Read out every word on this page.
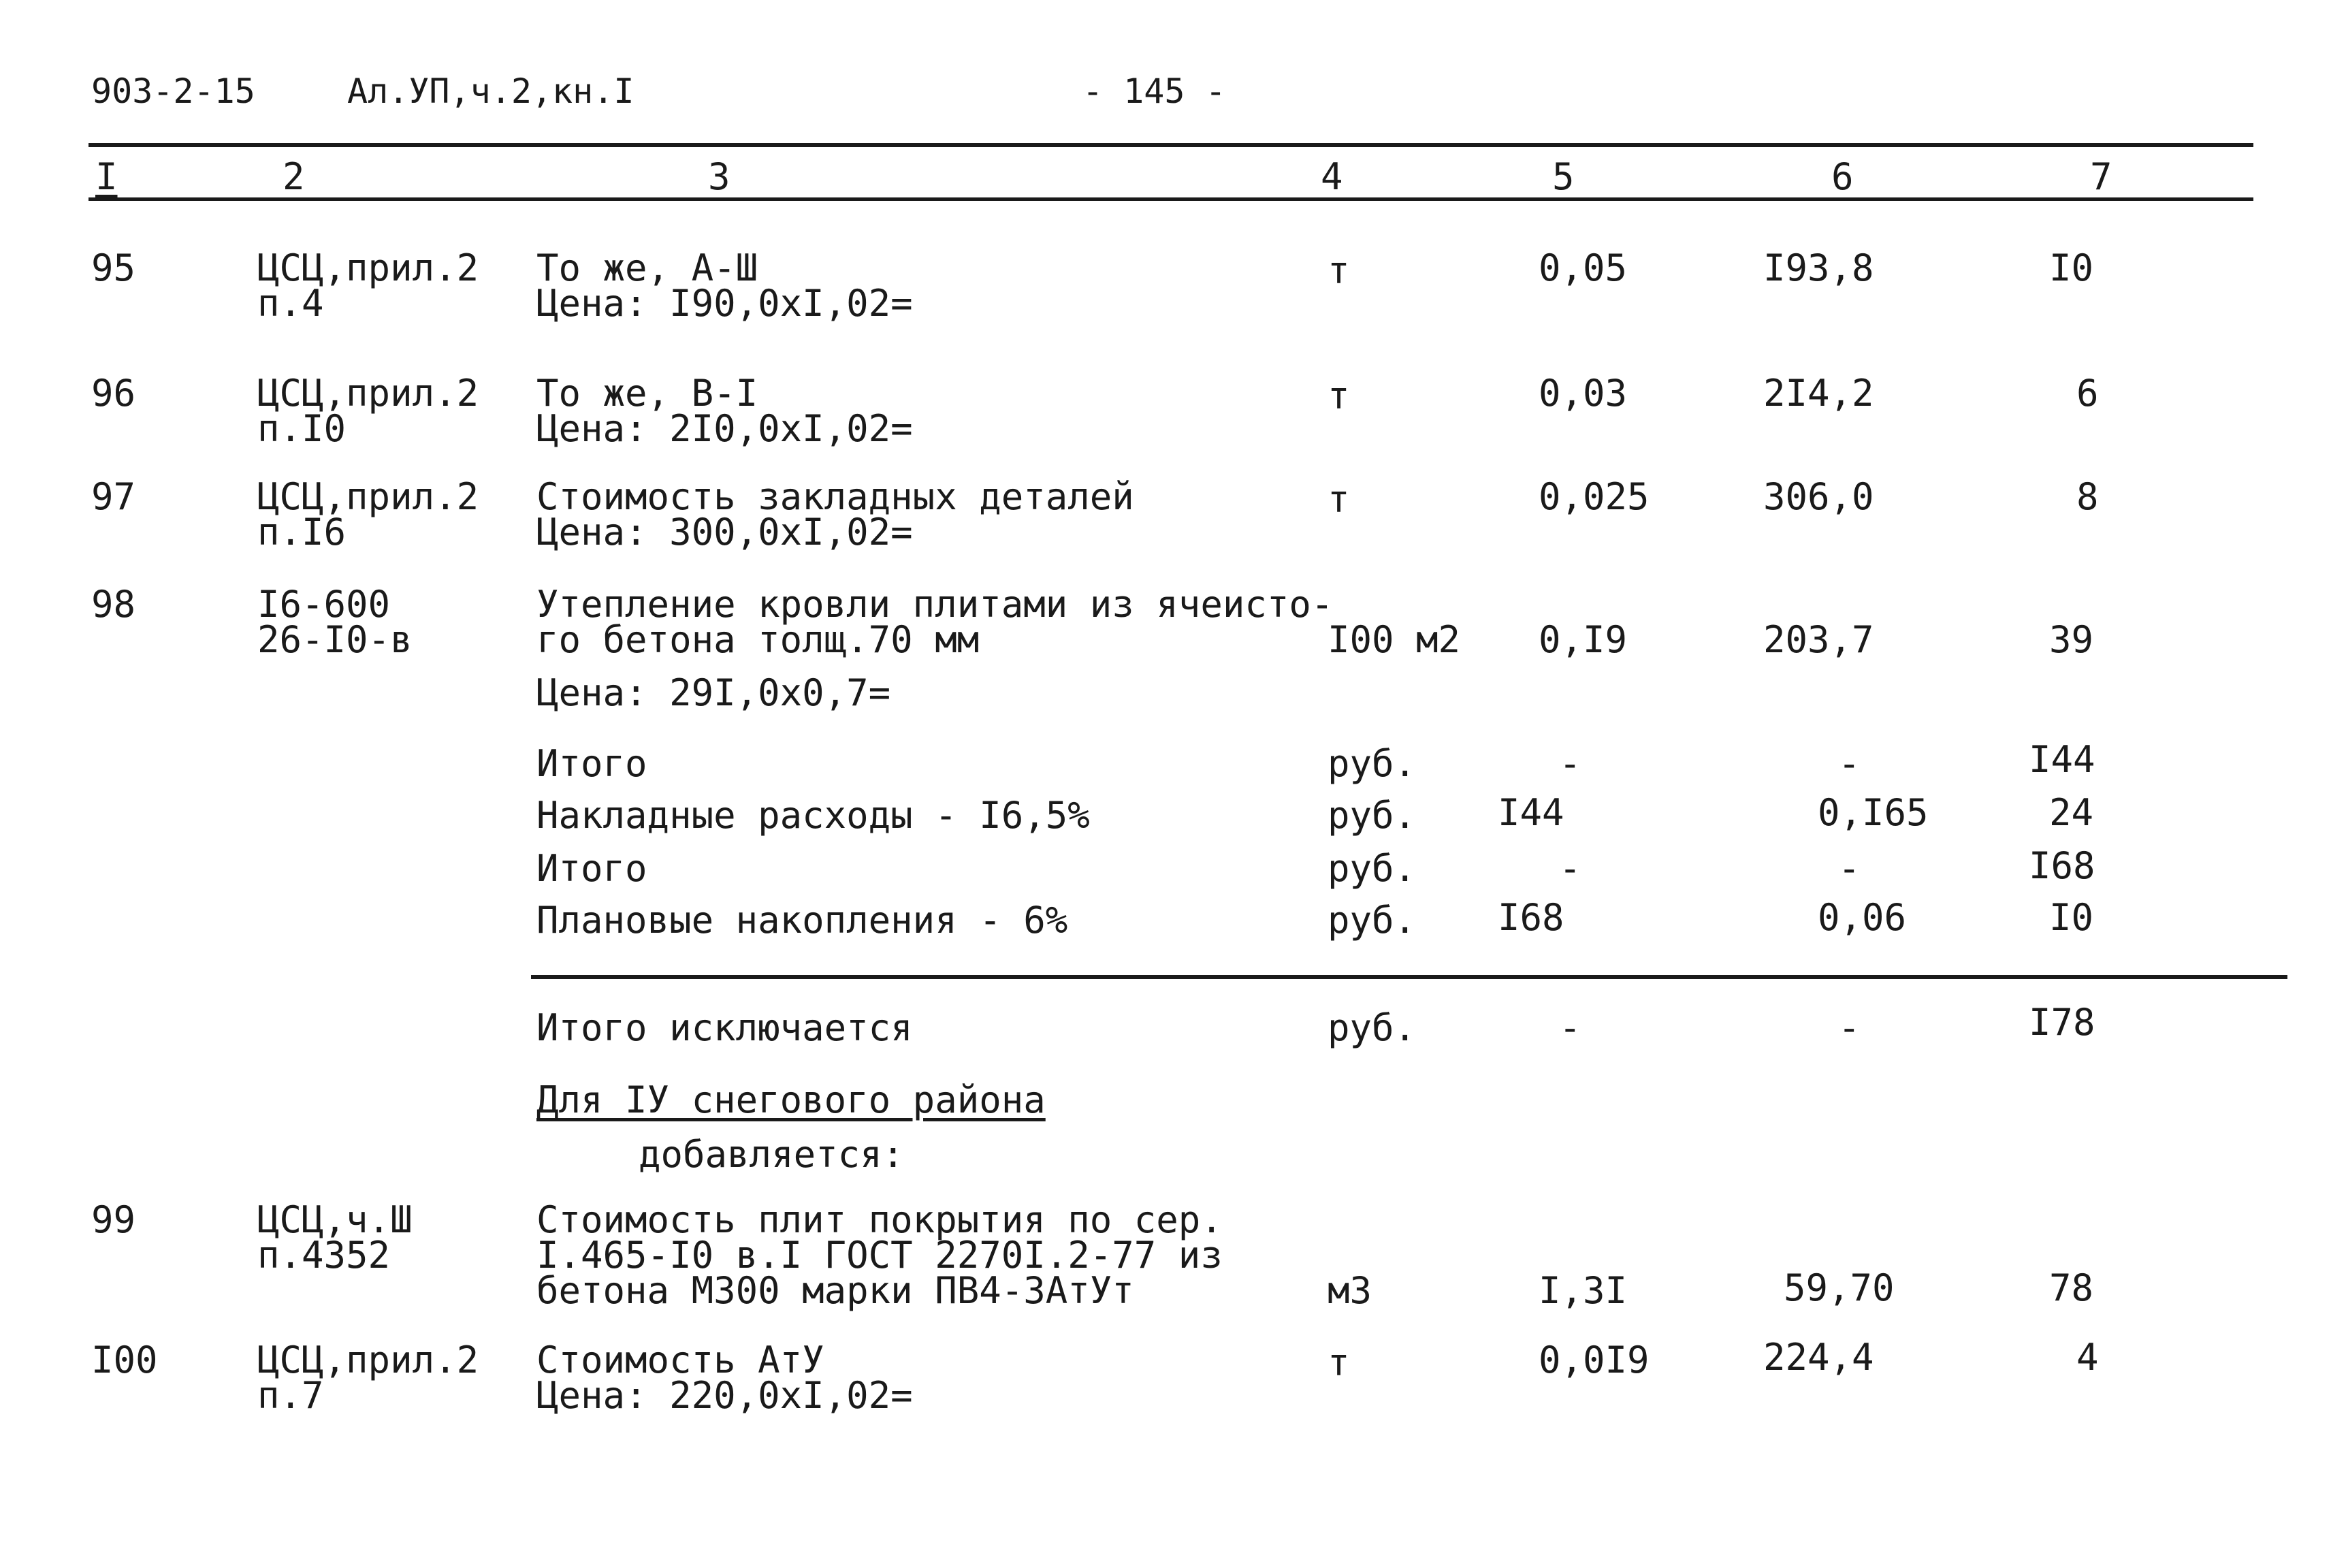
903-2-15	Ал.УП,ч.2,кн.I	- 145 -
I	2	3	4	5	6	7
95	ЦСЦ,прил.2
п.4
То же, А-Ш
Цена: I90,0xI,02=
т	0,05	I93,8	I0
96	ЦСЦ,прил.2
п.I0
То же, В-I
Цена: 2I0,0xI,02=
т	0,03	2I4,2	6
97	ЦСЦ,прил.2
п.I6
Стоимость закладных деталей
Цена: 300,0xI,02=
т	0,025	306,0	8
98	I6-600
26-I0-в
Утепление кровли плитами из ячеисто-
го бетона толщ.70 мм
Цена: 29I,0x0,7=
I00 м2 0,I9	203,7	39
Итого	руб.	-	-	I44
Накладные расходы - I6,5%	руб. I44	0,I65	24
Итого	руб.	-	-	I68
Плановые накопления - 6%	руб. I68	0,06	I0
Итого исключается	руб.	-	-	I78
Для IУ снегового района
добавляется:
99	ЦСЦ,ч.Ш
п.4352
Стоимость плит покрытия по сер.
I.465-I0 в.I ГОСТ 2270I.2-77 из
бетона М300 марки ПВ4-3АтУт	м3	I,3I	59,70	78
I00	ЦСЦ,прил.2
п.7
Стоимость АтУ
Цена: 220,0xI,02=
т	0,0I9	224,4	4
